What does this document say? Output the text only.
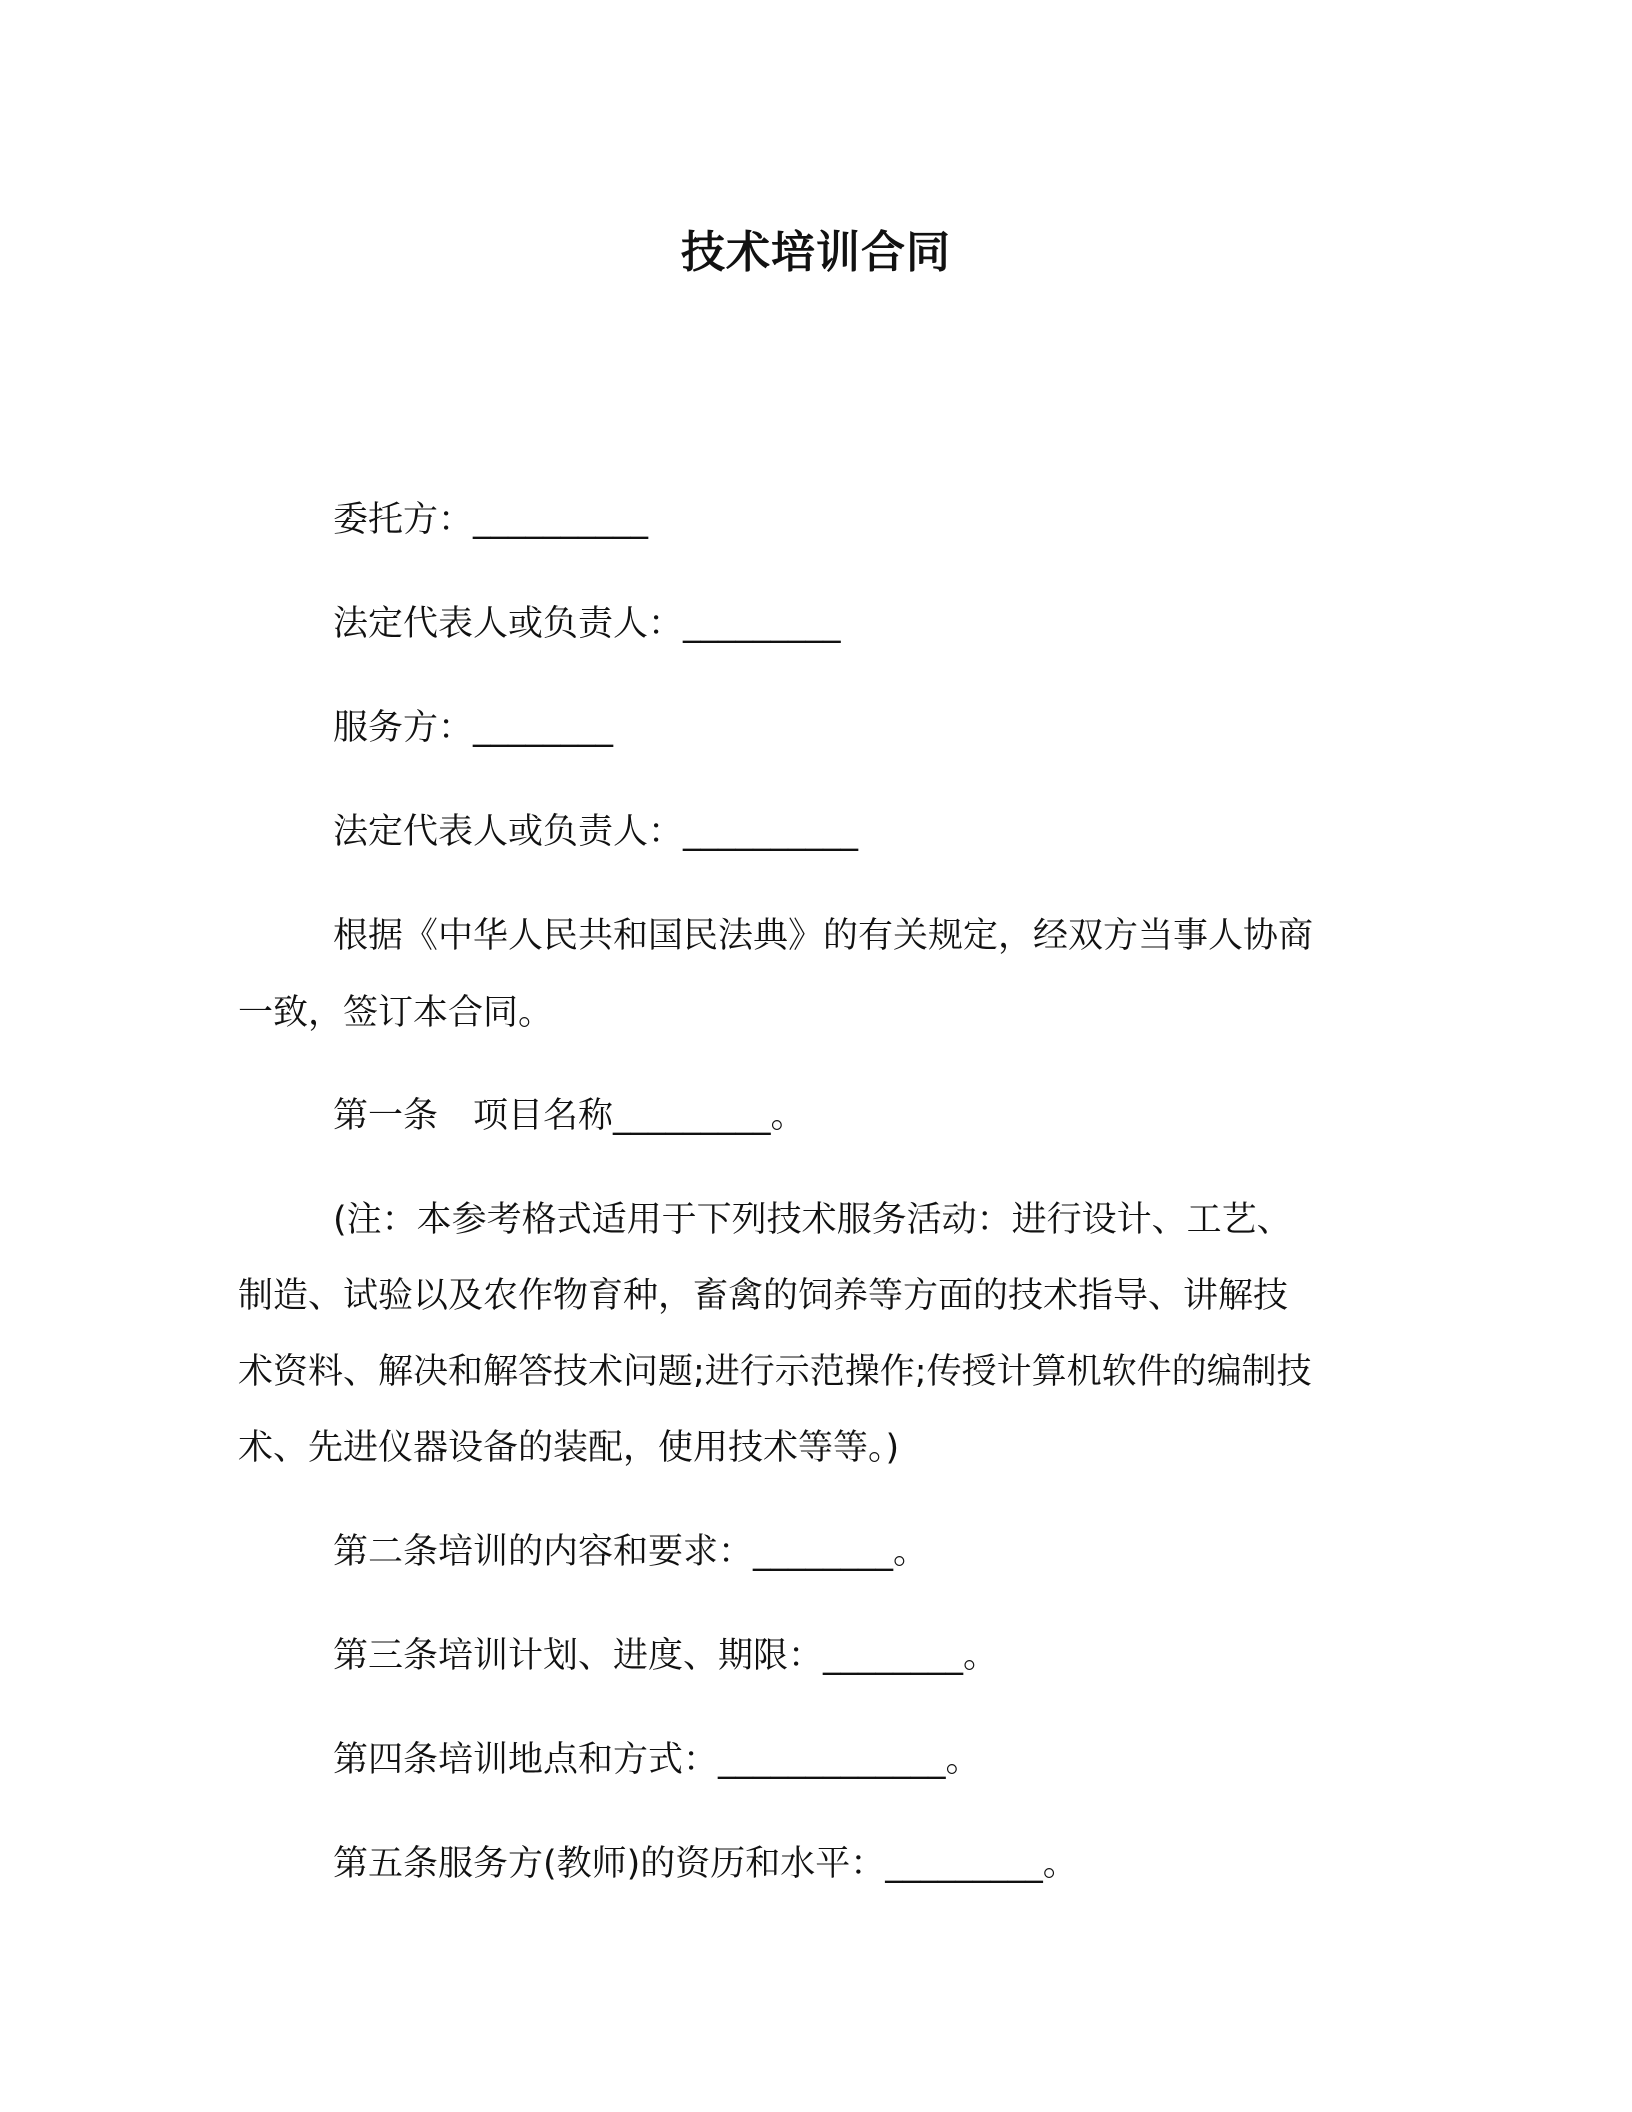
技术培训合同
委托方：__________
法定代表人或负责人：_________
服务方：________
法定代表人或负责人：__________
根据《中华人民共和国民法典》的有关规定，经双方当事人协商
一致，签订本合同。
第一条　项目名称_________。
(注：本参考格式适用于下列技术服务活动：进行设计、工艺、
制造、试验以及农作物育种，畜禽的饲养等方面的技术指导、讲解技
术资料、解决和解答技术问题;进行示范操作;传授计算机软件的编制技
术、先进仪器设备的装配，使用技术等等。)
第二条培训的内容和要求：________。
第三条培训计划、进度、期限：________。
第四条培训地点和方式：_____________。
第五条服务方(教师)的资历和水平：_________。
